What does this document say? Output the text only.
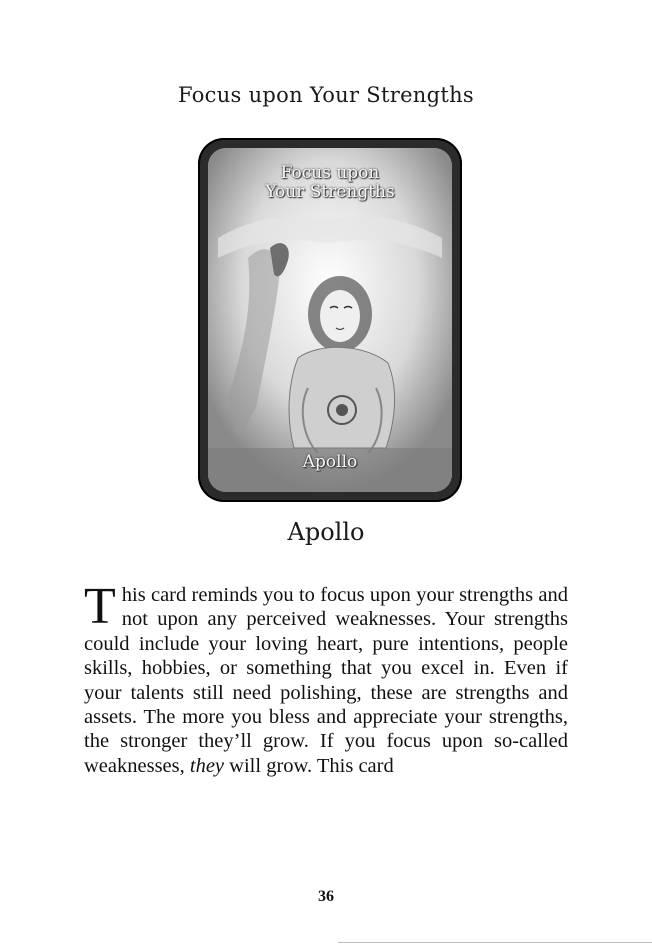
Focus upon Your Strengths
Focus upon
Your Strengths
Apollo
Apollo
This card reminds you to focus upon your strengths and not upon any perceived weaknesses. Your strengths could include your loving heart, pure intentions, people skills, hobbies, or something that you excel in. Even if your talents still need polishing, these are strengths and assets. The more you bless and appreciate your strengths, the stronger they’ll grow. If you focus upon so-called weaknesses, they will grow. This card
36
